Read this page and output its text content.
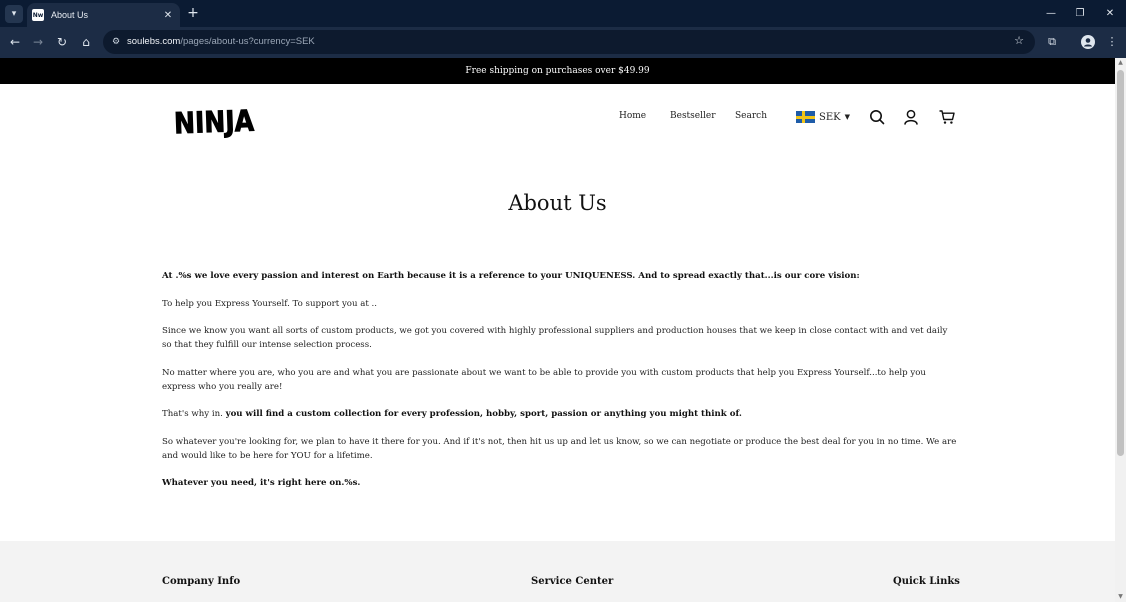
▾	Nw About Us	✕ +	— ❐ ✕
← → ↻ ⌂	⚙ soulebs.com/pages/about-us?currency=SEK	☆ ⧉	⋮
Free shipping on purchases over $49.99
NINJA	Home	Bestseller Search	SEK ▼
About Us

At .%s we love every passion and interest on Earth because it is a reference to your UNIQUENESS. And to spread exactly that...is our core vision:

To help you Express Yourself. To support you at ..

Since we know you want all sorts of custom products, we got you covered with highly professional suppliers and production houses that we keep in close contact with and vet daily so that they fulfill our intense selection process.

No matter where you are, who you are and what you are passionate about we want to be able to provide you with custom products that help you Express Yourself...to help you express who you really are!

That's why in. you will find a custom collection for every profession, hobby, sport, passion or anything you might think of.

So whatever you're looking for, we plan to have it there for you. And if it's not, then hit us up and let us know, so we can negotiate or produce the best deal for you in no time. We are and would like to be here for YOU for a lifetime.

Whatever you need, it's right here on.%s.

Company Info	Service Center	Quick Links
▲
▼
